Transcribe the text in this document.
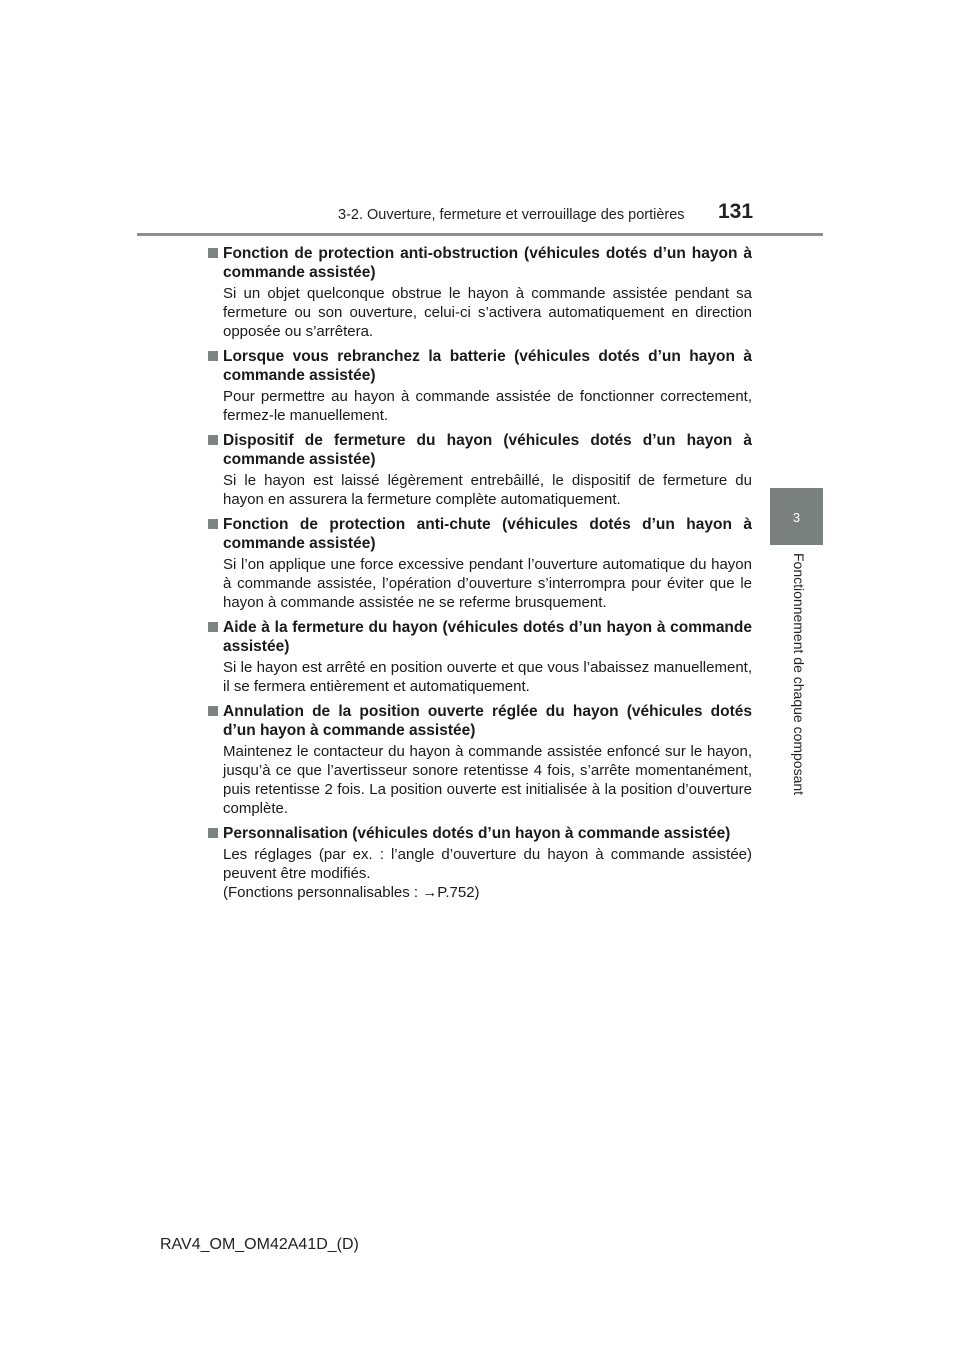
3-2. Ouverture, fermeture et verrouillage des portières 131
3
Fonctionnement de chaque composant
Fonction de protection anti-obstruction (véhicules dotés d’un hayon à commande assistée)

Si un objet quelconque obstrue le hayon à commande assistée pendant sa fermeture ou son ouverture, celui-ci s’activera automatiquement en direction opposée ou s’arrêtera.

Lorsque vous rebranchez la batterie (véhicules dotés d’un hayon à commande assistée)

Pour permettre au hayon à commande assistée de fonctionner correctement, fermez-le manuellement.

Dispositif de fermeture du hayon (véhicules dotés d’un hayon à commande assistée)

Si le hayon est laissé légèrement entrebâillé, le dispositif de fermeture du hayon en assurera la fermeture complète automatiquement.

Fonction de protection anti-chute (véhicules dotés d’un hayon à commande assistée)

Si l’on applique une force excessive pendant l’ouverture automatique du hayon à commande assistée, l’opération d’ouverture s’interrompra pour éviter que le hayon à commande assistée ne se referme brusquement.

Aide à la fermeture du hayon (véhicules dotés d’un hayon à commande assistée)

Si le hayon est arrêté en position ouverte et que vous l’abaissez manuellement, il se fermera entièrement et automatiquement.

Annulation de la position ouverte réglée du hayon (véhicules dotés d’un hayon à commande assistée)

Maintenez le contacteur du hayon à commande assistée enfoncé sur le hayon, jusqu’à ce que l’avertisseur sonore retentisse 4 fois, s’arrête momentanément, puis retentisse 2 fois. La position ouverte est initialisée à la position d’ouverture complète.

Personnalisation (véhicules dotés d’un hayon à commande assistée)

Les réglages (par ex. : l’angle d’ouverture du hayon à commande assistée) peuvent être modifiés.

(Fonctions personnalisables : →P.752)

RAV4_OM_OM42A41D_(D)
